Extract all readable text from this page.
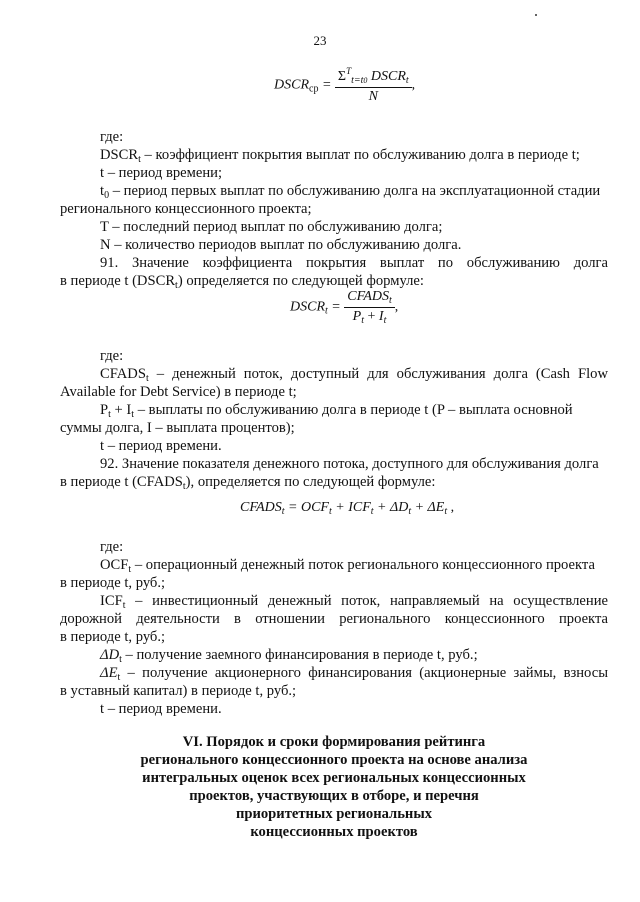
23
$DSCR_{ср} = \frac{\Sigma^T_{t=t0} DSCR_t}{N}$ ,
где:
$DSCR_t$ – коэффициент покрытия выплат по обслуживанию долга в периоде t;
t – период времени;
$t_0$ – период первых выплат по обслуживанию долга на эксплуатационной стадии
регионального концессионного проекта;
T – последний период выплат по обслуживанию долга;
N – количество периодов выплат по обслуживанию долга.
91. Значение коэффициента покрытия выплат по обслуживанию долга
в периоде t $(DSCR_t)$ определяется по следующей формуле:
$DSCR_t = \frac{CFADS_t}{P_t + I_t}$ ,
где:
$CFADS_t$ – денежный поток, доступный для обслуживания долга (Cash Flow
Available for Debt Service) в периоде t;
$P_t + I_t$ – выплаты по обслуживанию долга в периоде t (P – выплата основной
суммы долга, I – выплата процентов);
t – период времени.
92. Значение показателя денежного потока, доступного для обслуживания долга
в периоде t $(CFADS_t)$, определяется по следующей формуле:
$CFADS_t = OCF_t + ICF_t + \Delta D_t + \Delta E_t$ ,
где:
$OCF_t$ – операционный денежный поток регионального концессионного проекта
в периоде t, руб.;
$ICF_t$ – инвестиционный денежный поток, направляемый на осуществление
дорожной деятельности в отношении регионального концессионного проекта
в периоде t, руб.;
$\Delta D_t$ – получение заемного финансирования в периоде t, руб.;
$\Delta E_t$ – получение акционерного финансирования (акционерные займы, взносы
в уставный капитал) в периоде t, руб.;
t – период времени.
VI. Порядок и сроки формирования рейтинга
регионального концессионного проекта на основе анализа
интегральных оценок всех региональных концессионных
проектов, участвующих в отборе, и перечня
приоритетных региональных
концессионных проектов
